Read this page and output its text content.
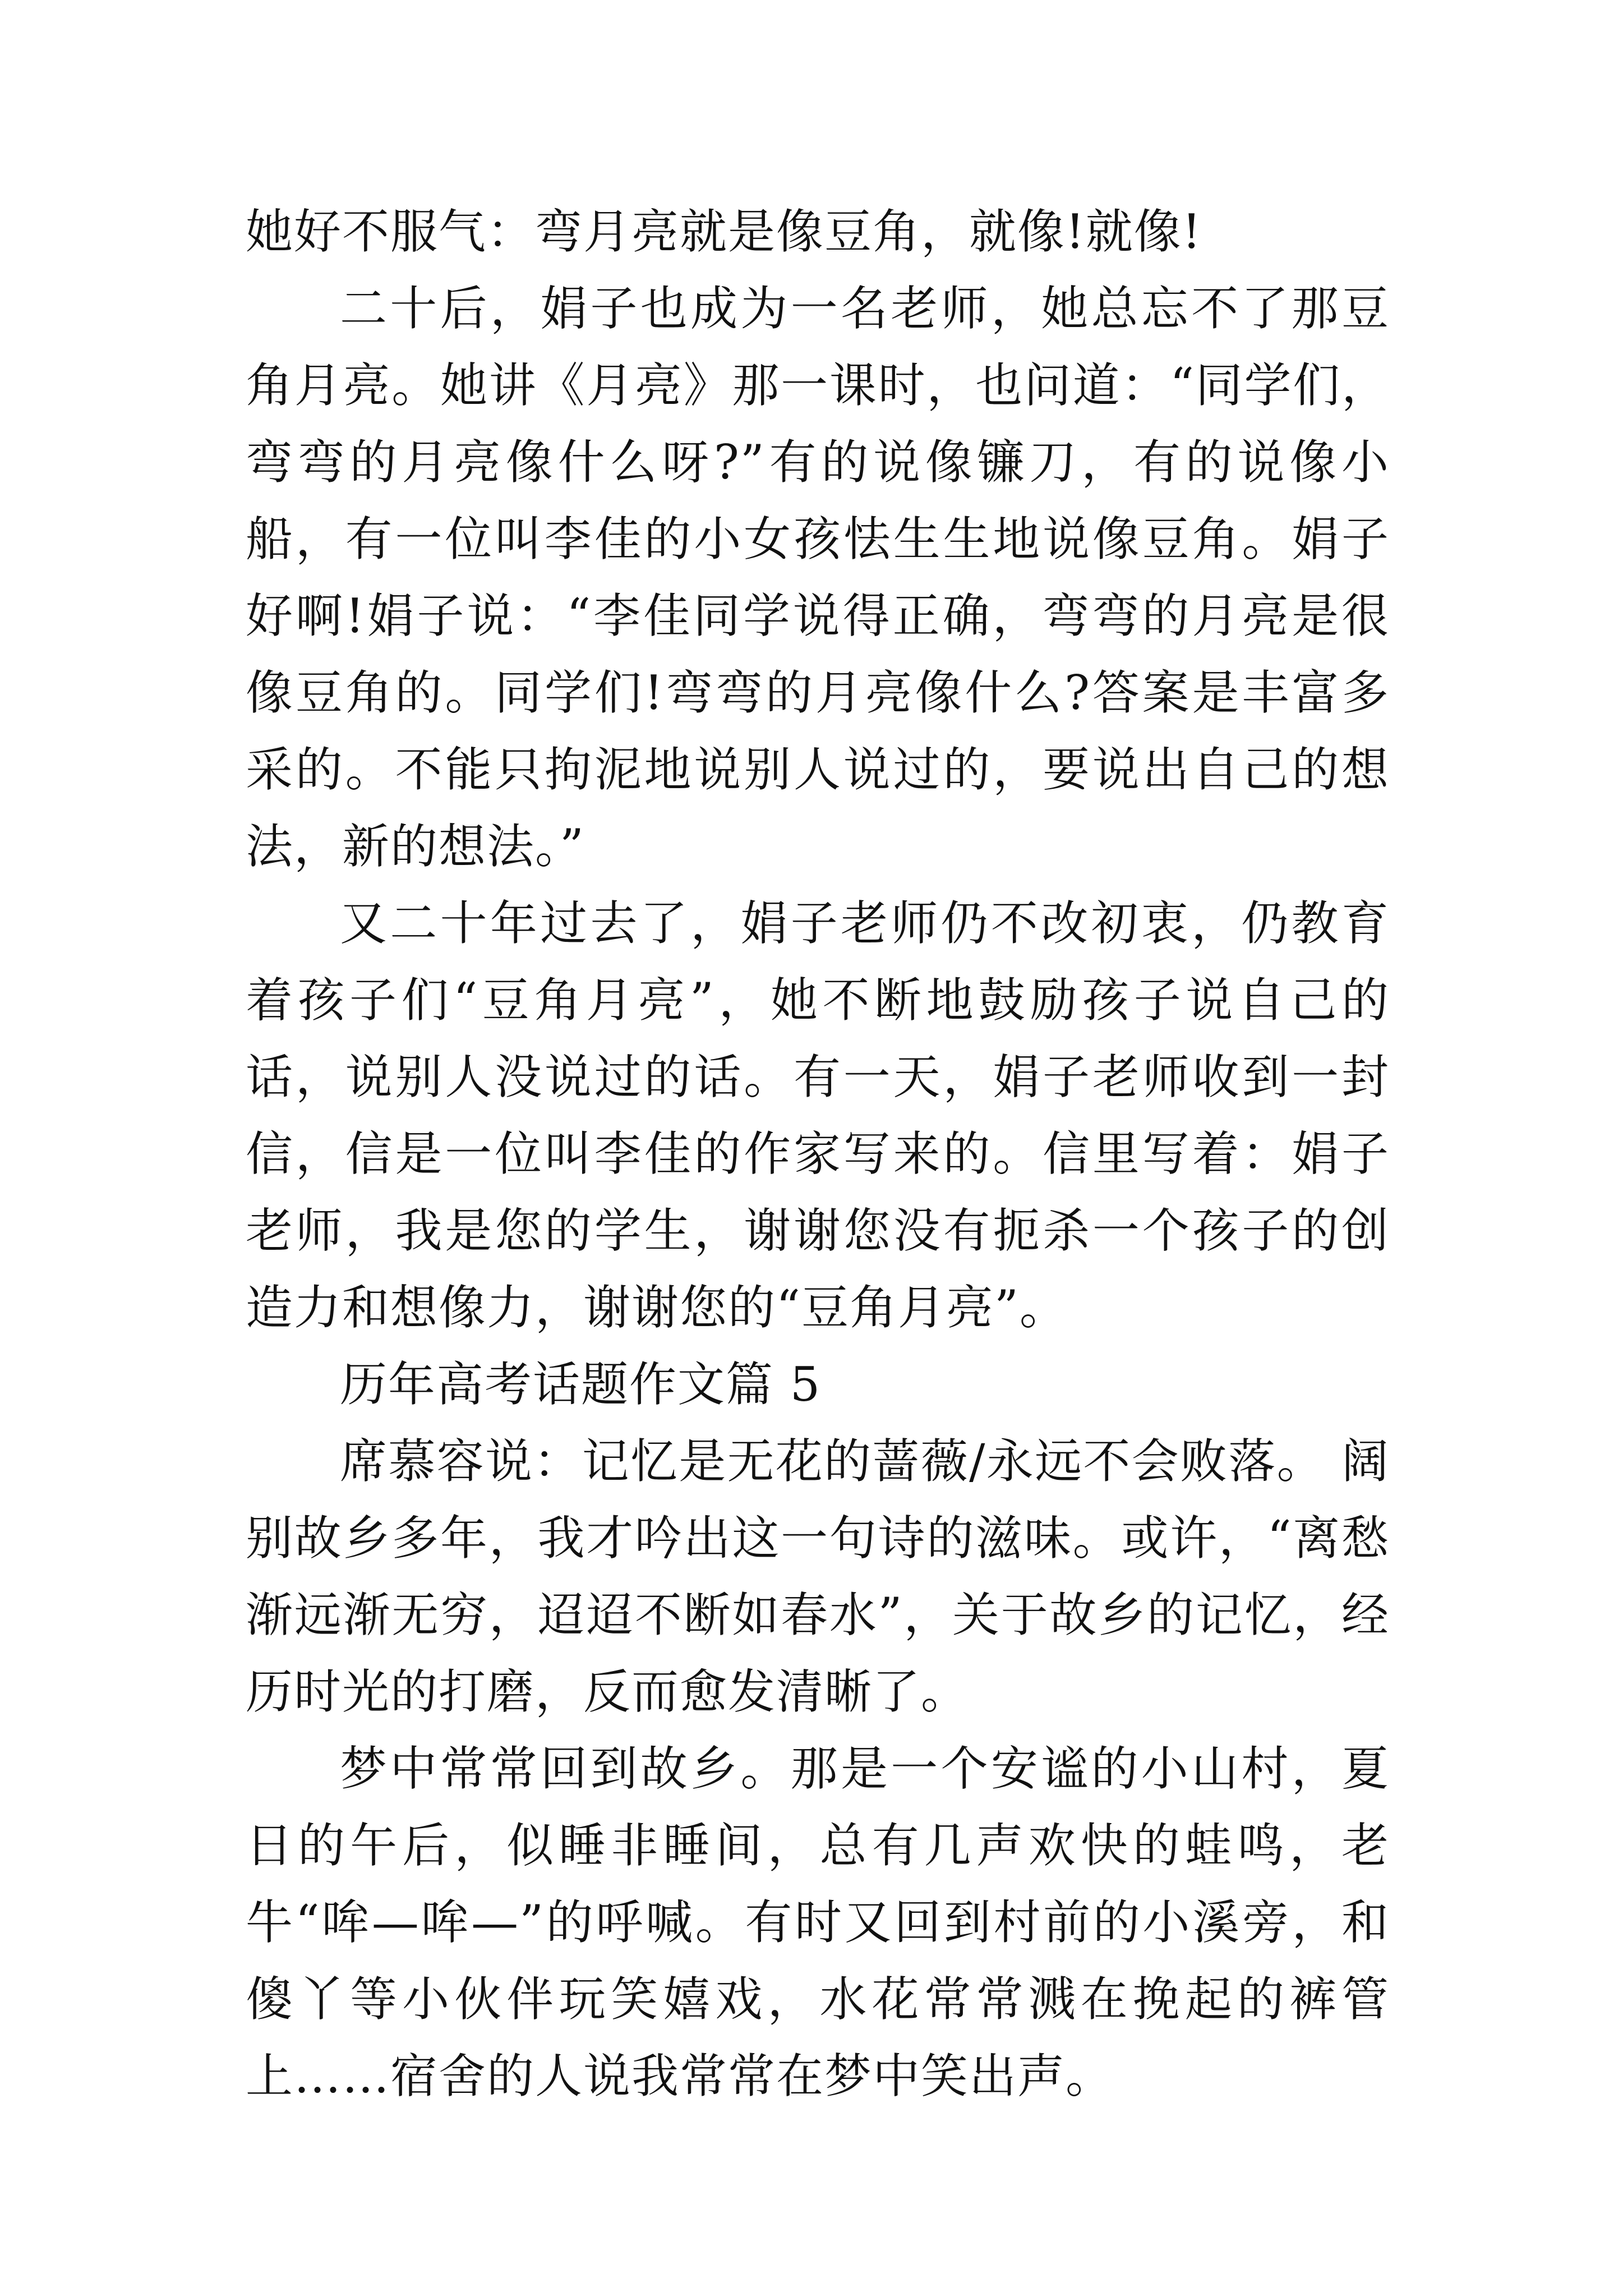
她好不服气：弯月亮就是像豆角，就像!就像!

二十后，娟子也成为一名老师，她总忘不了那豆角月亮。她讲《月亮》那一课时，也问道：“同学们，弯弯的月亮像什么呀?”有的说像镰刀，有的说像小船，有一位叫李佳的小女孩怯生生地说像豆角。娟子好啊!娟子说：“李佳同学说得正确，弯弯的月亮是很像豆角的。同学们!弯弯的月亮像什么?答案是丰富多采的。不能只拘泥地说别人说过的，要说出自己的想法，新的想法。”

又二十年过去了，娟子老师仍不改初衷，仍教育着孩子们“豆角月亮”，她不断地鼓励孩子说自己的话，说别人没说过的话。有一天，娟子老师收到一封信，信是一位叫李佳的作家写来的。信里写着：娟子老师，我是您的学生，谢谢您没有扼杀一个孩子的创造力和想像力，谢谢您的“豆角月亮”。

历年高考话题作文篇 5

席慕容说：记忆是无花的蔷薇/永远不会败落。 阔别故乡多年，我才吟出这一句诗的滋味。或许，“离愁渐远渐无穷，迢迢不断如春水”，关于故乡的记忆，经历时光的打磨，反而愈发清晰了。

梦中常常回到故乡。那是一个安谧的小山村，夏日的午后，似睡非睡间，总有几声欢快的蛙鸣，老牛“哞—哞—”的呼喊。有时又回到村前的小溪旁，和傻丫等小伙伴玩笑嬉戏，水花常常溅在挽起的裤管上……宿舍的人说我常常在梦中笑出声。
